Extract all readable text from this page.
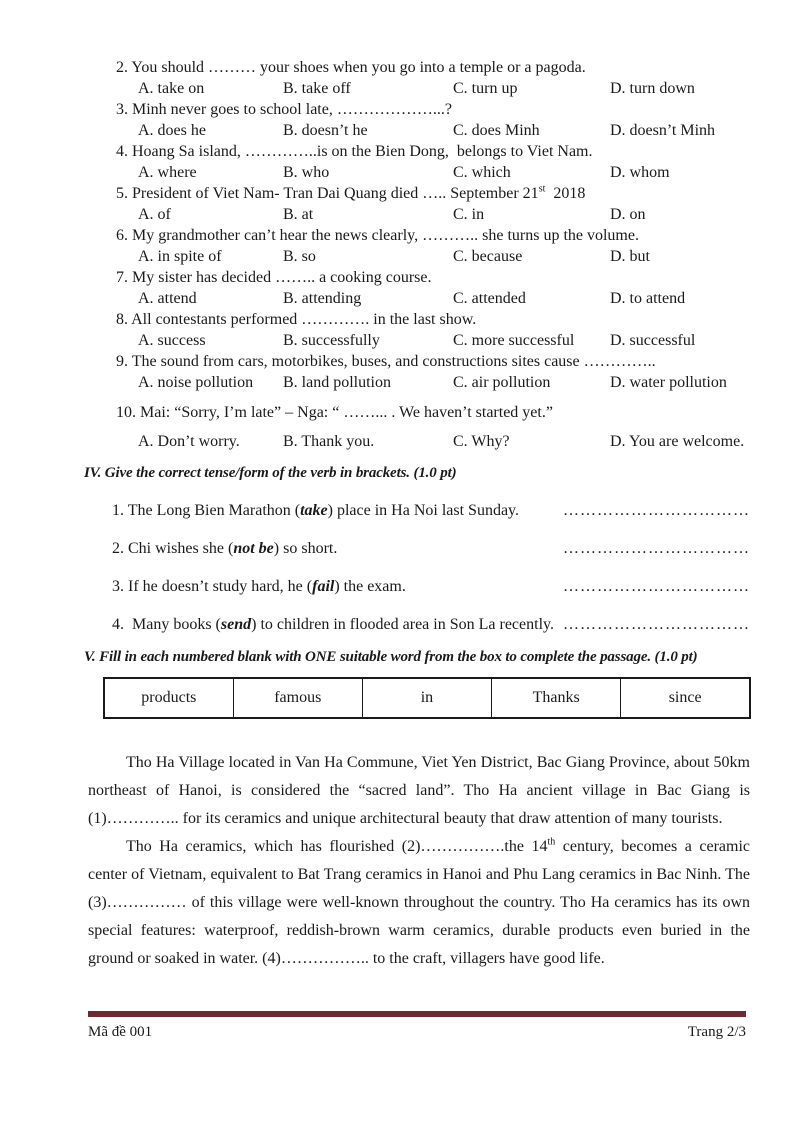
2. You should ……… your shoes when you go into a temple or a pagoda.
A. take on	B. take off	C. turn up	D. turn down
3. Minh never goes to school late, ………………...?
A. does he	B. doesn’t he	C. does Minh	D. doesn’t Minh
4. Hoang Sa island, …………..is on the Bien Dong,  belongs to Viet Nam.
A. where	B. who	C. which	D. whom
5. President of Viet Nam- Tran Dai Quang died ….. September 21st  2018
A. of	B. at	C. in	D. on
6. My grandmother can’t hear the news clearly, ……….. she turns up the volume.
A. in spite of	B. so	C. because	D. but
7. My sister has decided …….. a cooking course.
A. attend	B. attending	C. attended	D. to attend
8. All contestants performed …………. in the last show.
A. success	B. successfully	C. more successful	D. successful
9. The sound from cars, motorbikes, buses, and constructions sites cause …………..
A. noise pollution	B. land pollution	C. air pollution	D. water pollution
10. Mai: “Sorry, I’m late” – Nga: “ ……... . We haven’t started yet.”
A. Don’t worry.	B. Thank you.	C. Why?	D. You are welcome.
IV. Give the correct tense/form of the verb in brackets. (1.0 pt)
1. The Long Bien Marathon (take) place in Ha Noi last Sunday.	……………………………
2. Chi wishes she (not be) so short.	……………………………
3. If he doesn’t study hard, he (fail) the exam.	……………………………
4.  Many books (send) to children in flooded area in Son La recently. ……………………………
V. Fill in each numbered blank with ONE suitable word from the box to complete the passage. (1.0 pt)
products	famous	in	Thanks	since

Tho Ha Village located in Van Ha Commune, Viet Yen District, Bac Giang Province, about 50km northeast of Hanoi, is considered the “sacred land”. Tho Ha ancient village in Bac Giang is (1)………….. for its ceramics and unique architectural beauty that draw attention of many tourists.

Tho Ha ceramics, which has flourished (2)…………….the 14th century, becomes a ceramic center of Vietnam, equivalent to Bat Trang ceramics in Hanoi and Phu Lang ceramics in Bac Ninh. The (3)…………… of this village were well-known throughout the country. Tho Ha ceramics has its own special features: waterproof, reddish-brown warm ceramics, durable products even buried in the ground or soaked in water. (4)…………….. to the craft, villagers have good life.

Mã đề 001	Trang 2/3
